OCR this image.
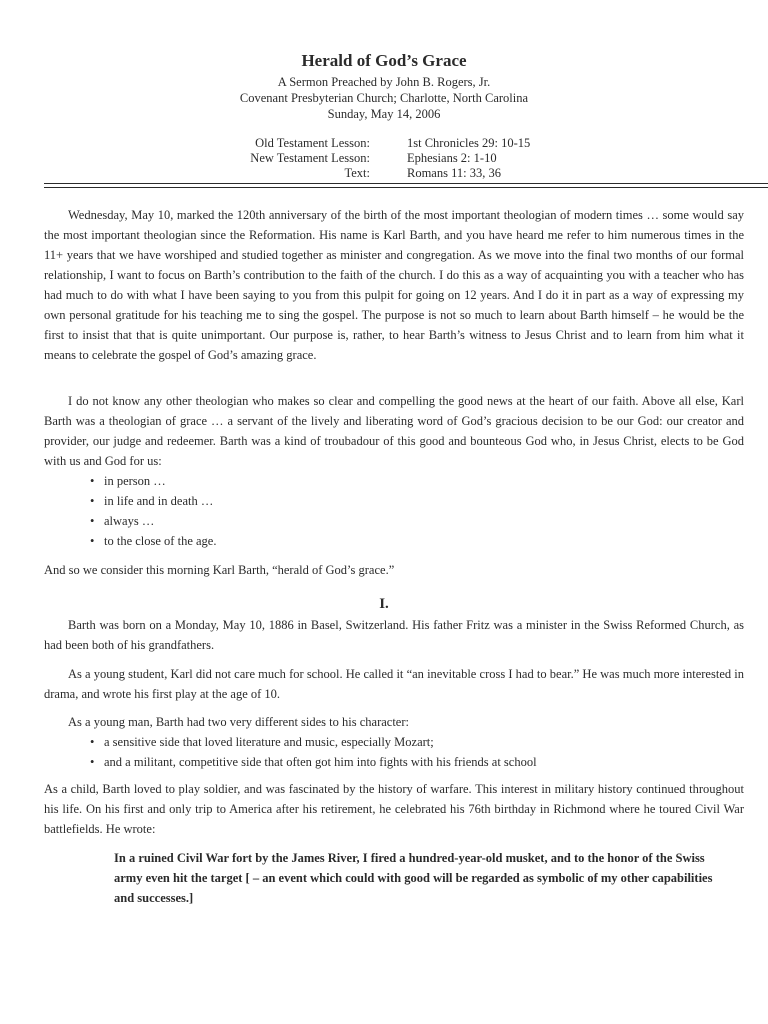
Herald of God’s Grace
A Sermon Preached by John B. Rogers, Jr.
Covenant Presbyterian Church; Charlotte, North Carolina
Sunday, May 14, 2006
Old Testament Lesson:	1st Chronicles 29: 10-15
New Testament Lesson:	Ephesians 2: 1-10
Text:	Romans 11: 33, 36

Wednesday, May 10, marked the 120th anniversary of the birth of the most important theologian of modern times … some would say the most important theologian since the Reformation. His name is Karl Barth, and you have heard me refer to him numerous times in the 11+ years that we have worshiped and studied together as minister and congregation. As we move into the final two months of our formal relationship, I want to focus on Barth’s contribution to the faith of the church. I do this as a way of acquainting you with a teacher who has had much to do with what I have been saying to you from this pulpit for going on 12 years. And I do it in part as a way of expressing my own personal gratitude for his teaching me to sing the gospel. The purpose is not so much to learn about Barth himself – he would be the first to insist that that is quite unimportant. Our purpose is, rather, to hear Barth’s witness to Jesus Christ and to learn from him what it means to celebrate the gospel of God’s amazing grace.

I do not know any other theologian who makes so clear and compelling the good news at the heart of our faith. Above all else, Karl Barth was a theologian of grace … a servant of the lively and liberating word of God’s gracious decision to be our God: our creator and provider, our judge and redeemer. Barth was a kind of troubadour of this good and bounteous God who, in Jesus Christ, elects to be God with us and God for us:

• in person …
• in life and in death …
• always …
• to the close of the age.

And so we consider this morning Karl Barth, “herald of God’s grace.”

I.

Barth was born on a Monday, May 10, 1886 in Basel, Switzerland. His father Fritz was a minister in the Swiss Reformed Church, as had been both of his grandfathers.

As a young student, Karl did not care much for school. He called it “an inevitable cross I had to bear.” He was much more interested in drama, and wrote his first play at the age of 10.

As a young man, Barth had two very different sides to his character:

• a sensitive side that loved literature and music, especially Mozart;
• and a militant, competitive side that often got him into fights with his friends at school

As a child, Barth loved to play soldier, and was fascinated by the history of warfare. This interest in military history continued throughout his life. On his first and only trip to America after his retirement, he celebrated his 76th birthday in Richmond where he toured Civil War battlefields. He wrote:

In a ruined Civil War fort by the James River, I fired a hundred-year-old musket, and to the honor of the Swiss army even hit the target [ – an event which could with good will be regarded as symbolic of my other capabilities and successes.]
